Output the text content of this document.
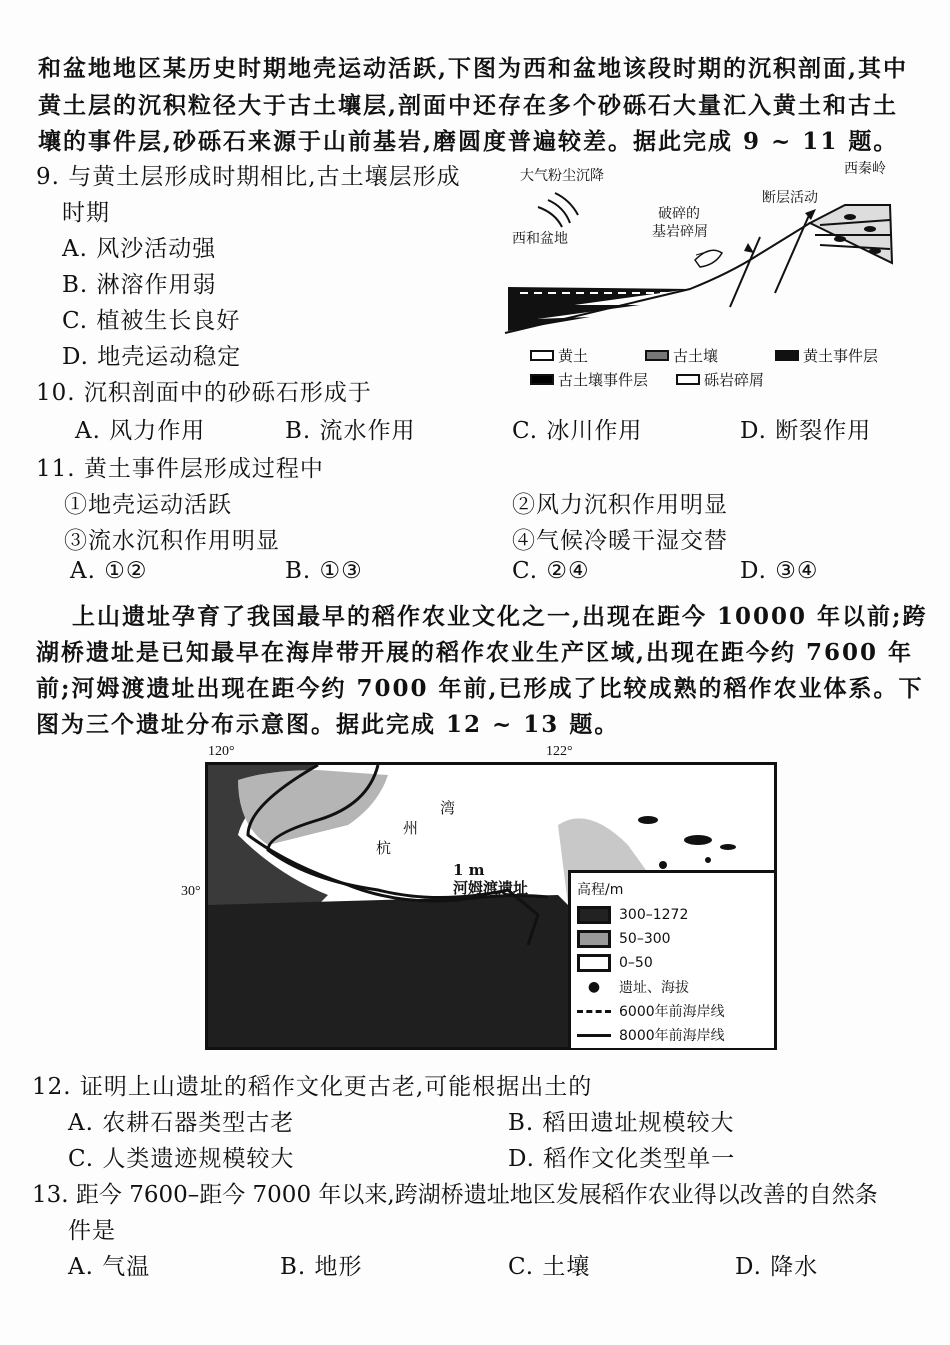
和盆地地区某历史时期地壳运动活跃,下图为西和盆地该段时期的沉积剖面,其中
黄土层的沉积粒径大于古土壤层,剖面中还存在多个砂砾石大量汇入黄土和古土
壤的事件层,砂砾石来源于山前基岩,磨圆度普遍较差。据此完成 9 ~ 11 题。
9. 与黄土层形成时期相比,古土壤层形成
时期
A. 风沙活动强
B. 淋溶作用弱
C. 植被生长良好
D. 地壳运动稳定
大气粉尘沉降
西和盆地
破碎的
基岩碎屑
断层活动
西秦岭
黄土	古土壤	黄土事件层
古土壤事件层	砾岩碎屑
10. 沉积剖面中的砂砾石形成于
A. 风力作用	B. 流水作用	C. 冰川作用	D. 断裂作用
11. 黄土事件层形成过程中
①地壳运动活跃	②风力沉积作用明显
③流水沉积作用明显	④气候冷暖干湿交替
A. ①②	B. ①③	C. ②④	D. ③④
上山遗址孕育了我国最早的稻作农业文化之一,出现在距今 10000 年以前;跨
湖桥遗址是已知最早在海岸带开展的稻作农业生产区域,出现在距今约 7600 年
前;河姆渡遗址出现在距今约 7000 年前,已形成了比较成熟的稻作农业体系。下
图为三个遗址分布示意图。据此完成 12 ~ 13 题。
120°	122°
30°
湾
州
杭
1 m
河姆渡遗址	高程/m
300–1272
50–300
0–50
●	遗址、海拔
6000年前海岸线
8000年前海岸线
12. 证明上山遗址的稻作文化更古老,可能根据出土的
A. 农耕石器类型古老	B. 稻田遗址规模较大
C. 人类遗迹规模较大	D. 稻作文化类型单一
13. 距今 7600–距今 7000 年以来,跨湖桥遗址地区发展稻作农业得以改善的自然条
件是
A. 气温	B. 地形	C. 土壤	D. 降水
